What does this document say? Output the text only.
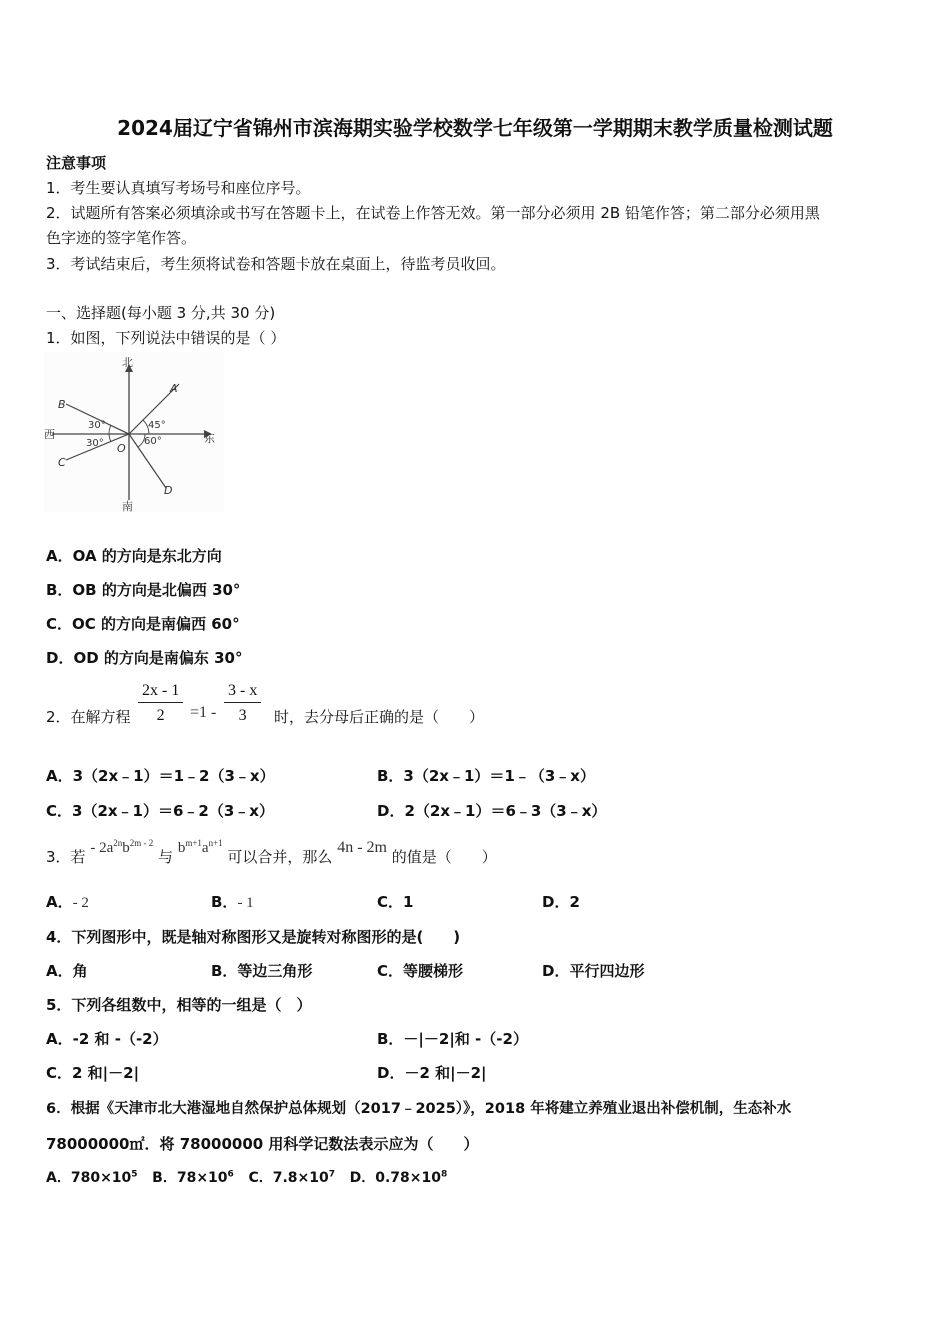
2024届辽宁省锦州市滨海期实验学校数学七年级第一学期期末教学质量检测试题
注意事项
1．考生要认真填写考场号和座位序号。
2．试题所有答案必须填涂或书写在答题卡上，在试卷上作答无效。第一部分必须用 2B 铅笔作答；第二部分必须用黑
色字迹的签字笔作答。
3．考试结束后，考生须将试卷和答题卡放在桌面上，待监考员收回。
一、选择题(每小题 3 分,共 30 分)
1．如图，下列说法中错误的是（ ）
北
南
西	东
O
A
B
C
D
30°
30°
45°
60°
A．OA 的方向是东北方向
B．OB 的方向是北偏西 30°
C．OC 的方向是南偏西 60°
D．OD 的方向是南偏东 30°
2．在解方程 $\frac{2x - 1}{2} =1 - \frac{3 - x}{3}$ 时，去分母后正确的是（　　）
A．3（2x﹣1）＝1﹣2（3﹣x）	B．3（2x﹣1）＝1﹣（3﹣x）
C．3（2x﹣1）＝6﹣2（3﹣x）	D．2（2x﹣1）＝6﹣3（3﹣x）
3．若 - $2a^{2n}b^{2m - 2}$ 与 $b^{m+1}a^{n+1}$ 可以合并，那么 4n - 2m 的值是（　　）
A．- 2	B．- 1	C．1	D．2
4．下列图形中，既是轴对称图形又是旋转对称图形的是(　　)
A．角	B．等边三角形	C．等腰梯形	D．平行四边形
5．下列各组数中，相等的一组是（　）
A．-2 和 -（-2）	B．－|－2|和 -（-2）
C．2 和|－2|	D．－2 和|－2|
6．根据《天津市北大港湿地自然保护总体规划（2017﹣2025）》，2018 年将建立养殖业退出补偿机制，生态补水
78000000㎡．将 78000000 用科学记数法表示应为（　　）
A．$780\times 10^5$ B．$78\times 10^6$ C．$7.8\times 10^7$ D．$0.78\times 10^8$
